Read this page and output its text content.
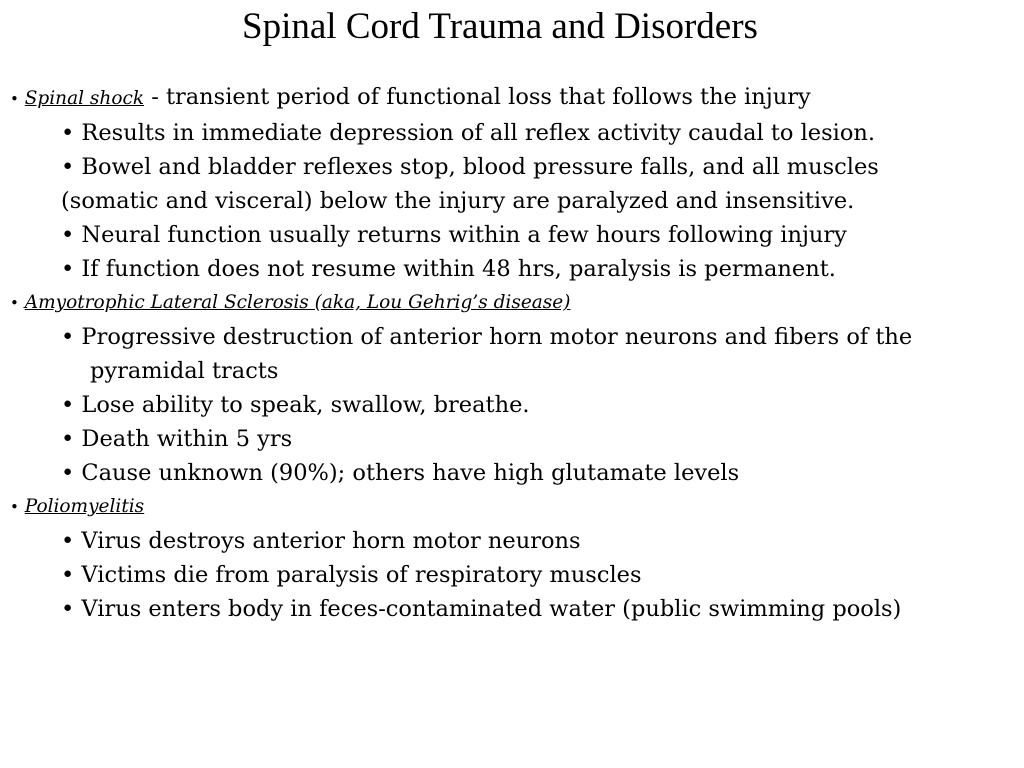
Spinal Cord Trauma and Disorders
• Spinal shock - transient period of functional loss that follows the injury
• Results in immediate depression of all reflex activity caudal to lesion.
• Bowel and bladder reflexes stop, blood pressure falls, and all muscles
(somatic and visceral) below the injury are paralyzed and insensitive.
• Neural function usually returns within a few hours following injury
• If function does not resume within 48 hrs, paralysis is permanent.
• Amyotrophic Lateral Sclerosis (aka, Lou Gehrig’s disease)
• Progressive destruction of anterior horn motor neurons and fibers of the
pyramidal tracts
• Lose ability to speak, swallow, breathe.
• Death within 5 yrs
• Cause unknown (90%); others have high glutamate levels
• Poliomyelitis
• Virus destroys anterior horn motor neurons
• Victims die from paralysis of respiratory muscles
• Virus enters body in feces-contaminated water (public swimming pools)
